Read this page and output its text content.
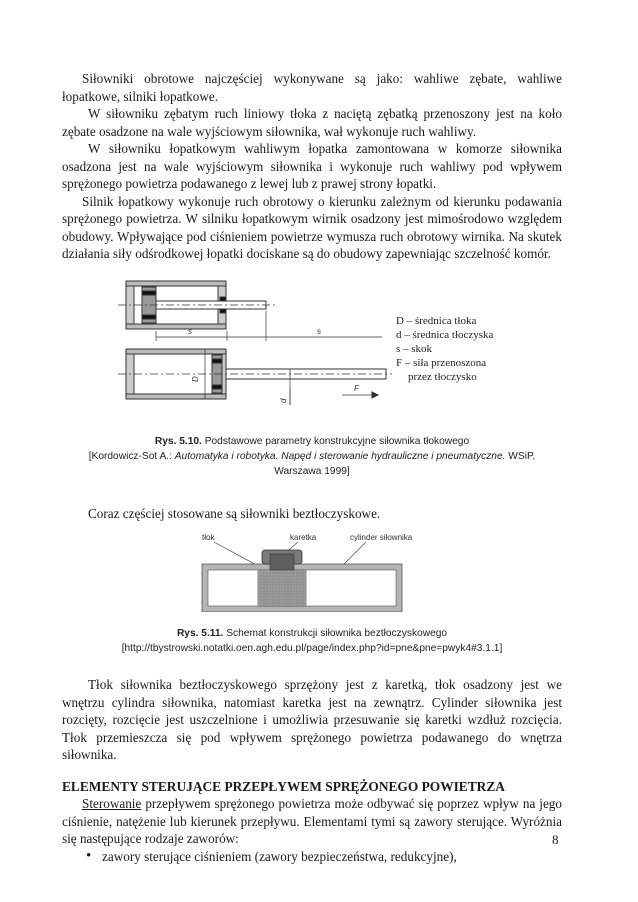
Siłowniki obrotowe najczęściej wykonywane są jako: wahliwe zębate, wahliwe łopatkowe, silniki łopatkowe.

W siłowniku zębatym ruch liniowy tłoka z naciętą zębatką przenoszony jest na koło zębate osadzone na wale wyjściowym siłownika, wał wykonuje ruch wahliwy.

W siłowniku łopatkowym wahliwym łopatka zamontowana w komorze siłownika osadzona jest na wale wyjściowym siłownika i wykonuje ruch wahliwy pod wpływem sprężonego powietrza podawanego z lewej lub z prawej strony łopatki.

Silnik łopatkowy wykonuje ruch obrotowy o kierunku zależnym od kierunku podawania sprężonego powietrza. W silniku łopatkowym wirnik osadzony jest mimośrodowo względem obudowy. Wpływające pod ciśnieniem powietrze wymusza ruch obrotowy wirnika. Na skutek działania siły odśrodkowej łopatki dociskane są do obudowy zapewniając szczelność komór.

s	s
D
d
F
D – średnica tłoka
d – średnica tłoczyska
s – skok
F – siła przenoszona
przez tłoczysko
Rys. 5.10. Podstawowe parametry konstrukcyjne siłownika tłokowego
[Kordowicz-Sot A.: Automatyka i robotyka. Napęd i sterowanie hydrauliczne i pneumatyczne. WSiP,
Warszawa 1999]

Coraz częściej stosowane są siłowniki beztłoczyskowe.

tłok	karetka	cylinder siłownika
Rys. 5.11. Schemat konstrukcji siłownika beztłoczyskowego
[http://tbystrowski.notatki.oen.agh.edu.pl/page/index.php?id=pne&pne=pwyk4#3.1.1]

Tłok siłownika beztłoczyskowego sprzężony jest z karetką, tłok osadzony jest we wnętrzu cylindra siłownika, natomiast karetka jest na zewnątrz. Cylinder siłownika jest rozcięty, rozcięcie jest uszczelnione i umożliwia przesuwanie się karetki wzdłuż rozcięcia. Tłok przemieszcza się pod wpływem sprężonego powietrza podawanego do wnętrza siłownika.

ELEMENTY STERUJĄCE PRZEPŁYWEM SPRĘŻONEGO POWIETRZA

Sterowanie przepływem sprężonego powietrza może odbywać się poprzez wpływ na jego ciśnienie, natężenie lub kierunek przepływu. Elementami tymi są zawory sterujące. Wyróżnia się następujące rodzaje zaworów:

• zawory sterujące ciśnieniem (zawory bezpieczeństwa, redukcyjne),
8
